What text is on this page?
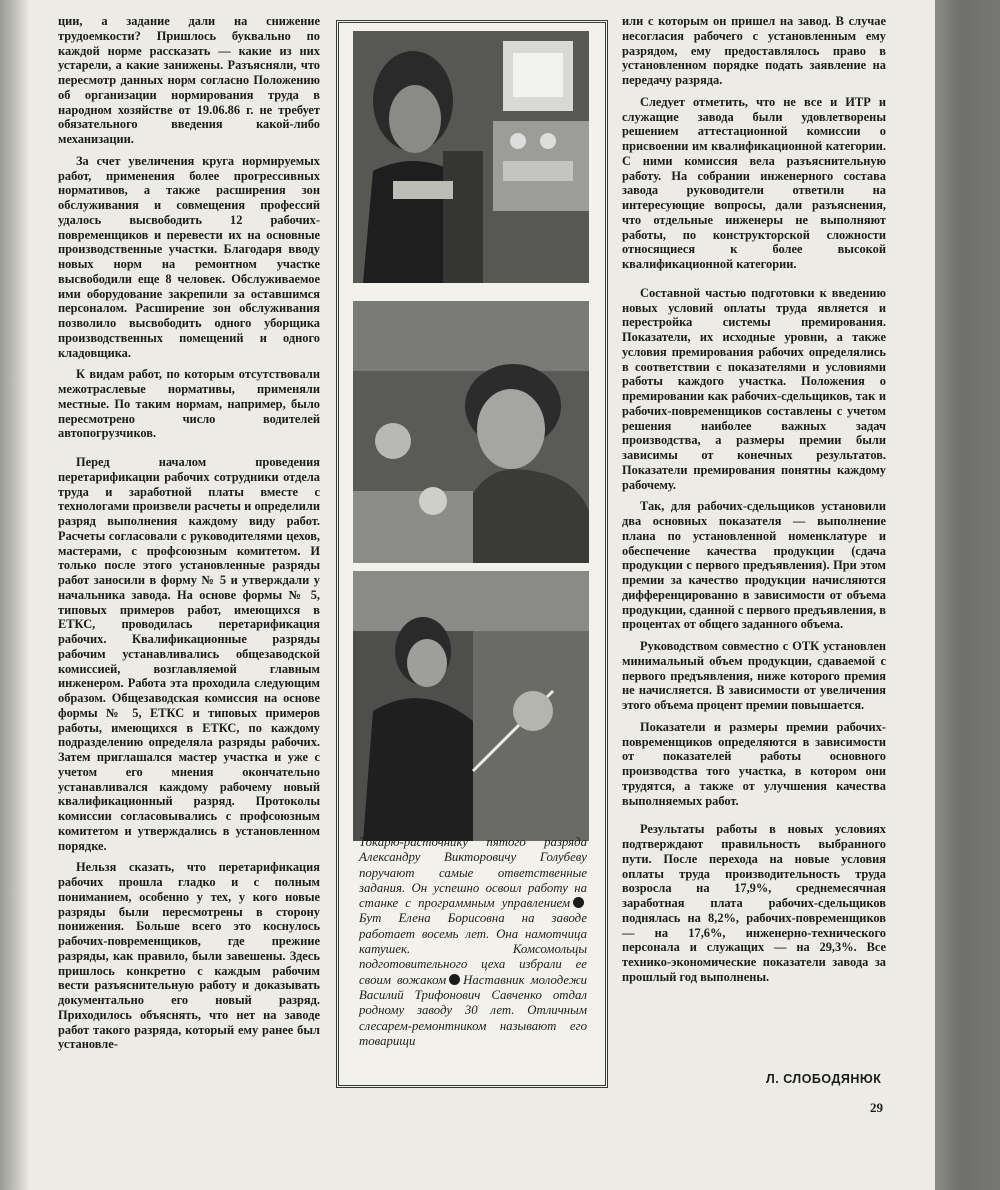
ции, а задание дали на снижение трудоемкости? Пришлось буквально по каждой норме рассказать — какие из них устарели, а какие занижены. Разъясняли, что пересмотр данных норм согласно Положению об организации нормирования труда в народном хозяйстве от 19.06.86 г. не требует обязательного введения какой-либо механизации.

За счет увеличения круга нормируемых работ, применения более прогрессивных нормативов, а также расширения зон обслуживания и совмещения профессий удалось высвободить 12 рабочих-повременщиков и перевести их на основные производственные участки. Благодаря вводу новых норм на ремонтном участке высвободили еще 8 человек. Обслуживаемое ими оборудование закрепили за оставшимся персоналом. Расширение зон обслуживания позволило высвободить одного уборщика производственных помещений и одного кладовщика.

К видам работ, по которым отсутствовали межотраслевые нормативы, применяли местные. По таким нормам, например, было пересмотрено число водителей автопогрузчиков.

Перед началом проведения перетарификации рабочих сотрудники отдела труда и заработной платы вместе с технологами произвели расчеты и определили разряд выполнения каждому виду работ. Расчеты согласовали с руководителями цехов, мастерами, с профсоюзным комитетом. И только после этого установленные разряды работ заносили в форму № 5 и утверждали у начальника завода. На основе формы № 5, типовых примеров работ, имеющихся в ЕТКС, проводилась перетарификация рабочих. Квалификационные разряды рабочим устанавливались общезаводской комиссией, возглавляемой главным инженером. Работа эта проходила следующим образом. Общезаводская комиссия на основе формы № 5, ЕТКС и типовых примеров работы, имеющихся в ЕТКС, по каждому подразделению определяла разряды рабочих. Затем приглашался мастер участка и уже с учетом его мнения окончательно устанавливался каждому рабочему новый квалификационный разряд. Протоколы комиссии согласовывались с профсоюзным комитетом и утверждались в установленном порядке.

Нельзя сказать, что перетарификация рабочих прошла гладко и с полным пониманием, особенно у тех, у кого новые разряды были пересмотрены в сторону понижения. Больше всего это коснулось рабочих-повременщиков, где прежние разряды, как правило, были завешены. Здесь пришлось конкретно с каждым рабочим вести разъяснительную работу и доказывать документально его новый разряд. Приходилось объяснять, что нет на заводе работ такого разряда, который ему ранее был установле-

Токарю-расточнику пятого разряда Александру Викторовичу Голубеву поручают самые ответственные задания. Он успешно освоил работу на станке с программным управлениемБут Елена Борисовна на заводе работает восемь лет. Она намотчица катушек. Комсомольцы подготовительного цеха избрали ее своим вожаком Наставник молодежи Василий Трифонович Савченко отдал родному заводу 30 лет. Отличным слесарем-ремонтником называют его товарищи

или с которым он пришел на завод. В случае несогласия рабочего с установленным ему разрядом, ему предоставлялось право в установленном порядке подать заявление на передачу разряда.

Следует отметить, что не все и ИТР и служащие завода были удовлетворены решением аттестационной комиссии о присвоении им квалификационной категории. С ними комиссия вела разъяснительную работу. На собрании инженерного состава завода руководители ответили на интересующие вопросы, дали разъяснения, что отдельные инженеры не выполняют работы, по конструкторской сложности относящиеся к более высокой квалификационной категории.

Составной частью подготовки к введению новых условий оплаты труда является и перестройка системы премирования. Показатели, их исходные уровни, а также условия премирования рабочих определялись в соответствии с показателями и условиями работы каждого участка. Положения о премировании как рабочих-сдельщиков, так и рабочих-повременщиков составлены с учетом решения наиболее важных задач производства, а размеры премии были зависимы от конечных результатов. Показатели премирования понятны каждому рабочему.

Так, для рабочих-сдельщиков установили два основных показателя — выполнение плана по установленной номенклатуре и обеспечение качества продукции (сдача продукции с первого предъявления). При этом премии за качество продукции начисляются дифференцированно в зависимости от объема продукции, сданной с первого предъявления, в процентах от общего заданного объема.

Руководством совместно с ОТК установлен минимальный объем продукции, сдаваемой с первого предъявления, ниже которого премия не начисляется. В зависимости от увеличения этого объема процент премии повышается.

Показатели и размеры премии рабочих-повременщиков определяются в зависимости от показателей работы основного производства того участка, в котором они трудятся, а также от улучшения качества выполняемых работ.

Результаты работы в новых условиях подтверждают правильность выбранного пути. После перехода на новые условия оплаты труда производительность труда возросла на 17,9%, среднемесячная заработная плата рабочих-сдельщиков поднялась на 8,2%, рабочих-повременщиков — на 17,6%, инженерно-технического персонала и служащих — на 29,3%. Все технико-экономические показатели завода за прошлый год выполнены.

Л. СЛОБОДЯНЮК
29
